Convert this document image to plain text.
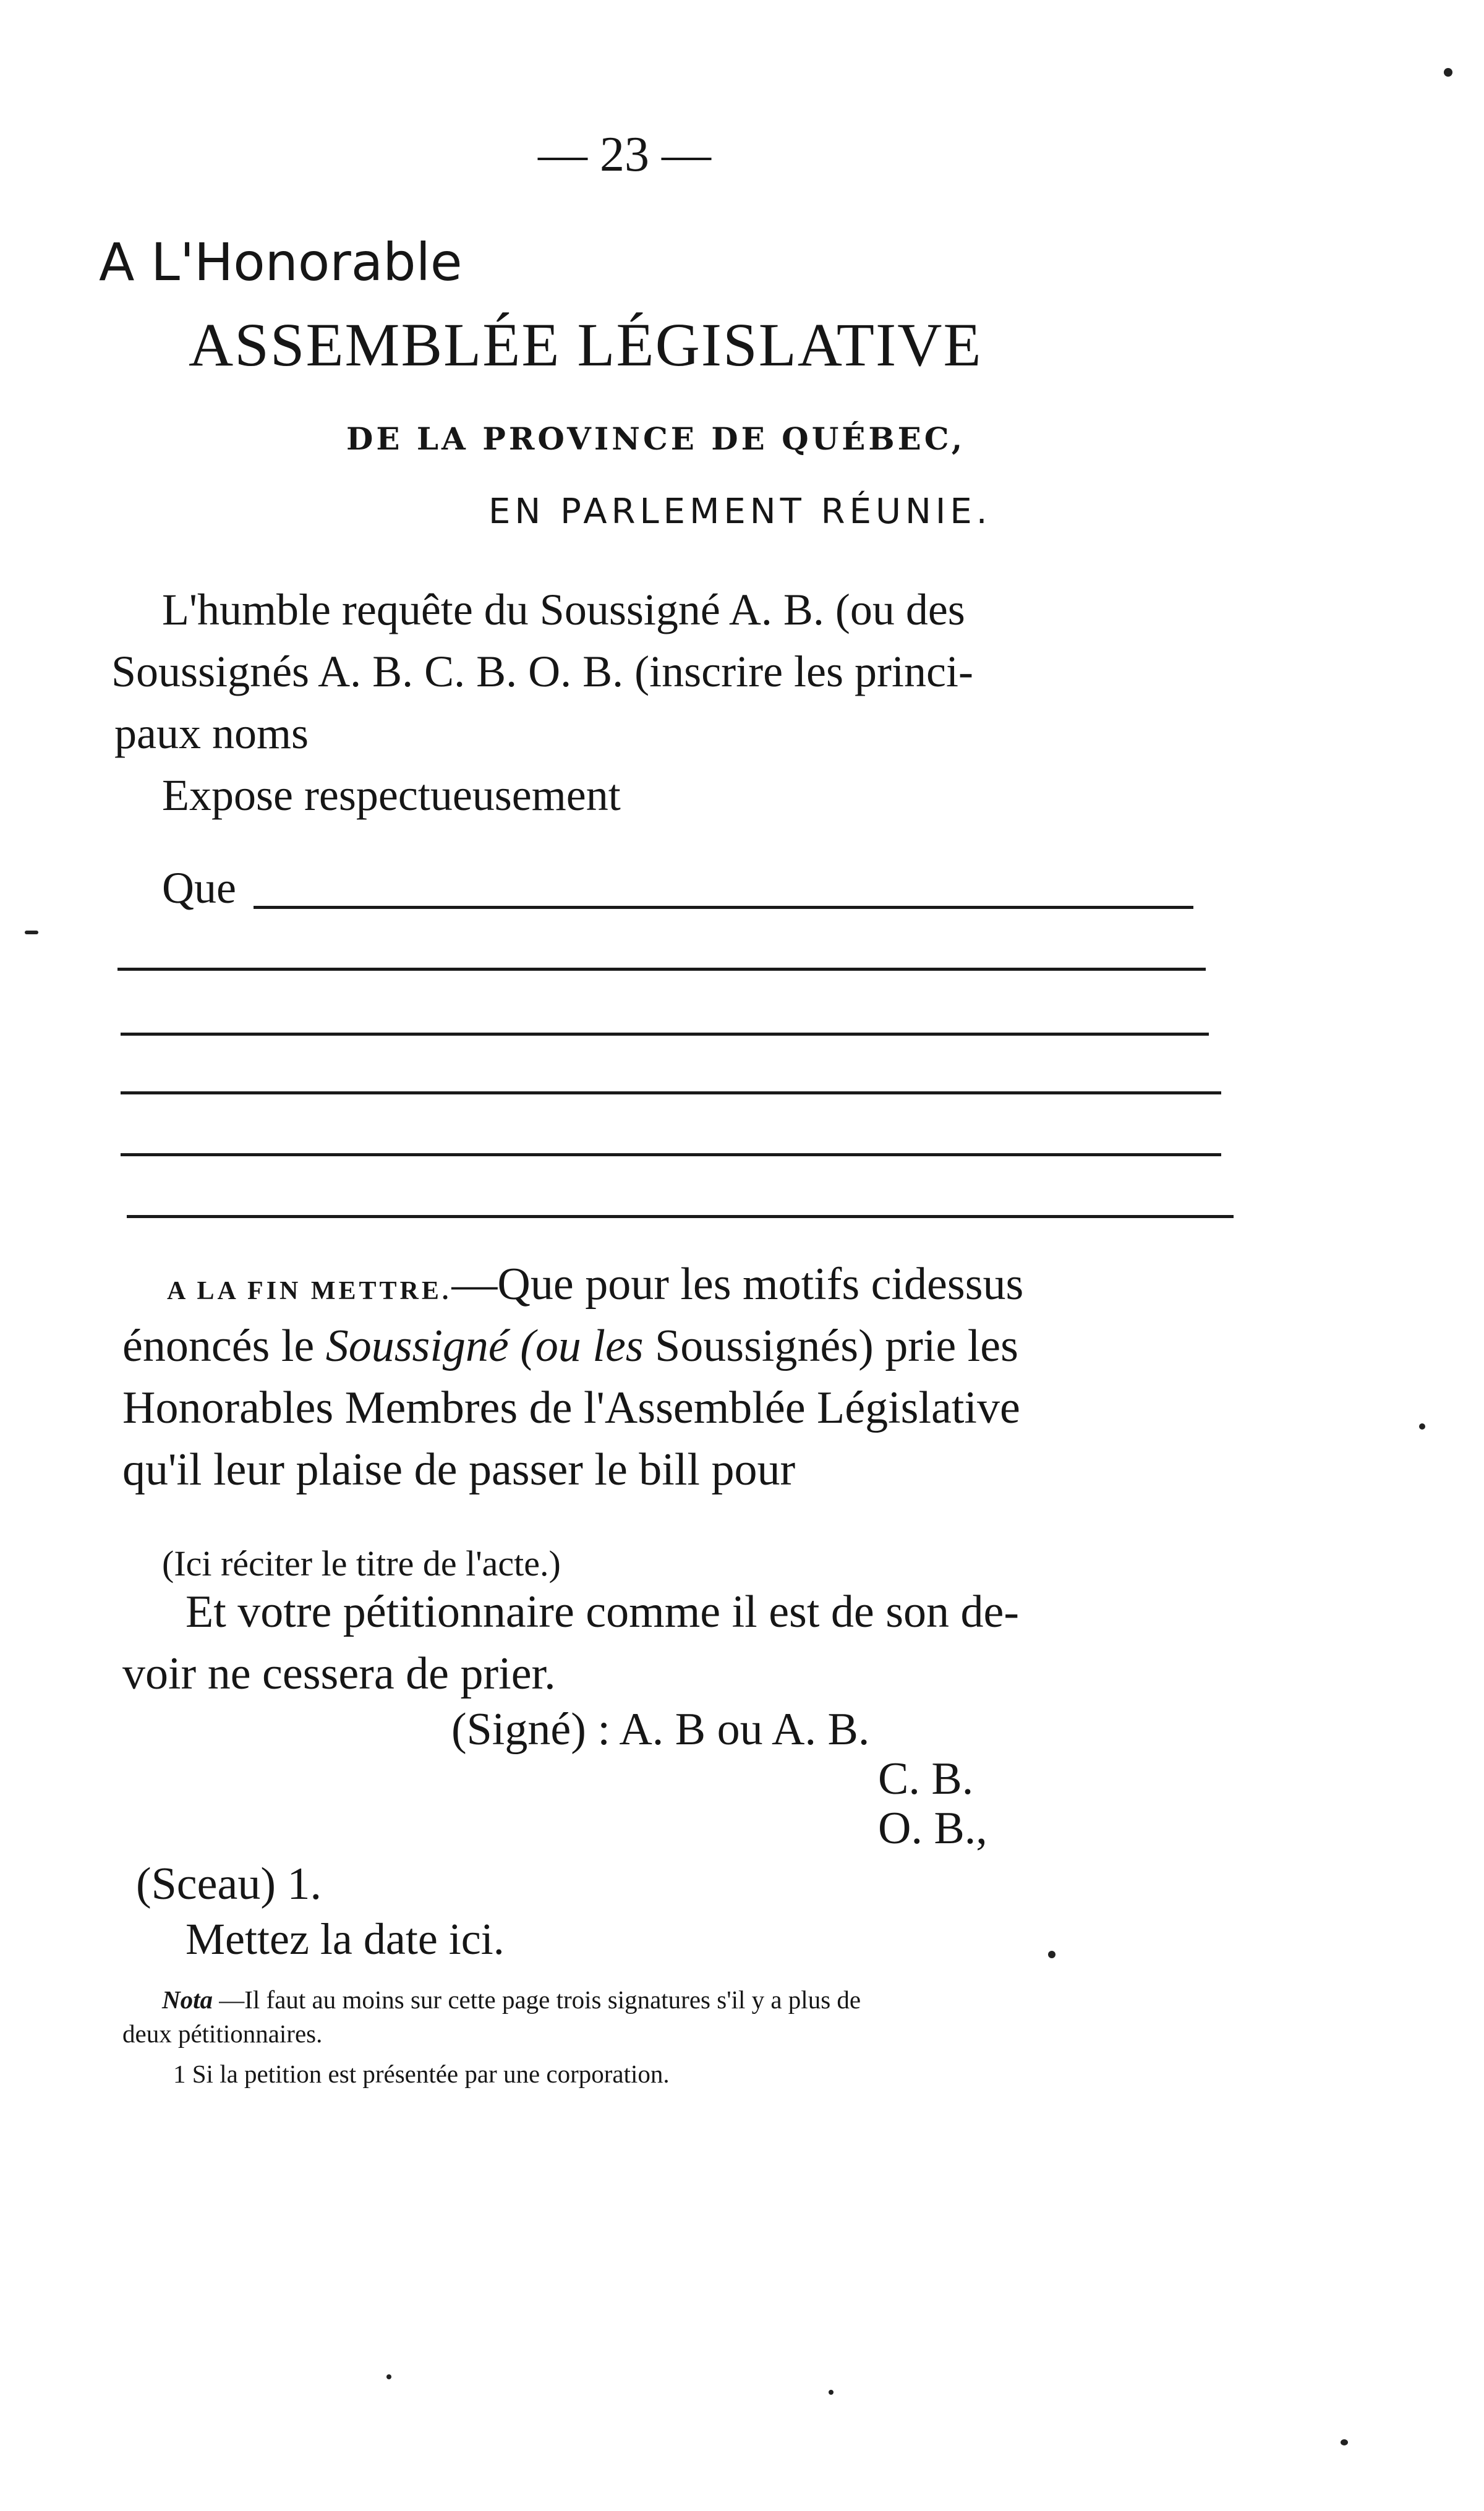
— 23 —
A L'Honorable
ASSEMBLÉE LÉGISLATIVE
DE LA PROVINCE DE QUÉBEC,
EN PARLEMENT RÉUNIE.
L'humble requête du Soussigné A. B. (ou des
Soussignés A. B. C. B. O. B. (inscrire les princi-
paux noms
Expose respectueusement
Que
A LA FIN METTRE.—Que pour les motifs cidessus
énoncés le Soussigné (ou les Soussignés) prie les
Honorables Membres de l'Assemblée Législative
qu'il leur plaise de passer le bill pour
(Ici réciter le titre de l'acte.)
Et votre pétitionnaire comme il est de son de-
voir ne cessera de prier.
(Signé) : A. B ou A. B.
C. B.
O. B.,
(Sceau) 1.
Mettez la date ici.
Nota —Il faut au moins sur cette page trois signatures s'il y a plus de
deux pétitionnaires.
1 Si la petition est présentée par une corporation.
